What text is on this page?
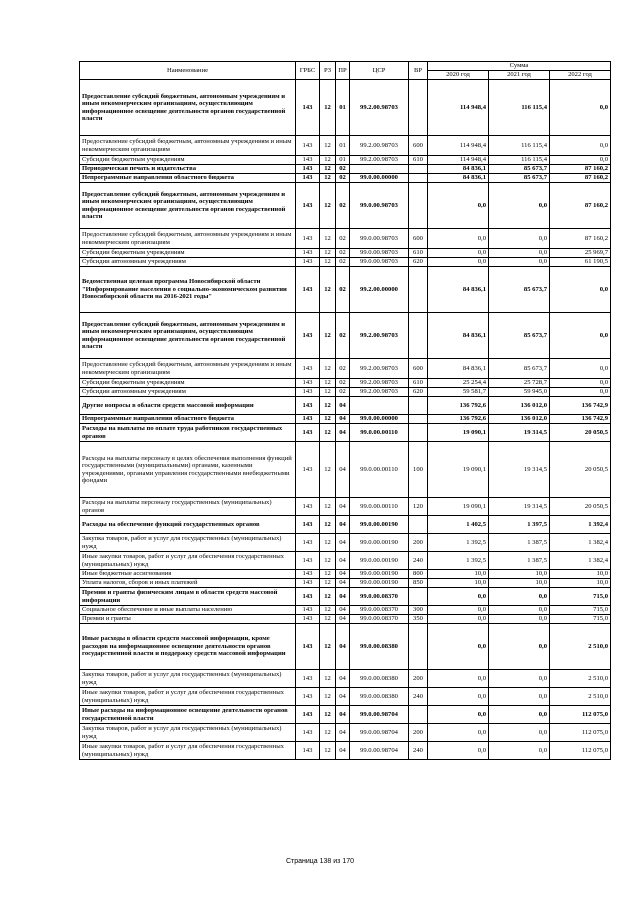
Наименование	ГРБС	РЗ	ПР	ЦСР	ВР	Сумма		
						2020 год	2021 год	2022 год
Предоставление субсидий бюджетным, автономным учреждениям и иным некоммерческим организациям, осуществляющим информационное освещение деятельности органов государственной власти	143	12	01	99.2.00.98703		114 948,4	116 115,4	0,0
Предоставление субсидий бюджетным, автономным учреждениям и иным некоммерческим организациям	143	12	01	99.2.00.98703	600	114 948,4	116 115,4	0,0
Субсидии бюджетным учреждениям	143	12	01	99.2.00.98703	610	114 948,4	116 115,4	0,0
Периодическая печать и издательства	143	12	02			84 836,1	85 673,7	87 160,2
Непрограммные направления областного бюджета	143	12	02	99.0.00.00000		84 836,1	85 673,7	87 160,2
Предоставление субсидий бюджетным, автономным учреждениям и иным некоммерческим организациям, осуществляющим информационное освещение деятельности органов государственной власти	143	12	02	99.0.00.98703		0,0	0,0	87 160,2
Предоставление субсидий бюджетным, автономным учреждениям и иным некоммерческим организациям	143	12	02	99.0.00.98703	600	0,0	0,0	87 160,2
Субсидии бюджетным учреждениям	143	12	02	99.0.00.98703	610	0,0	0,0	25 969,7
Субсидии автономным учреждениям	143	12	02	99.0.00.98703	620	0,0	0,0	61 190,5
Ведомственная целевая программа Новосибирской области "Информирование населения о социально-экономическом развитии Новосибирской области на 2016-2021 годы"	143	12	02	99.2.00.00000		84 836,1	85 673,7	0,0
Предоставление субсидий бюджетным, автономным учреждениям и иным некоммерческим организациям, осуществляющим информационное освещение деятельности органов государственной власти	143	12	02	99.2.00.98703		84 836,1	85 673,7	0,0
Предоставление субсидий бюджетным, автономным учреждениям и иным некоммерческим организациям	143	12	02	99.2.00.98703	600	84 836,1	85 673,7	0,0
Субсидии бюджетным учреждениям	143	12	02	99.2.00.98703	610	25 254,4	25 728,7	0,0
Субсидии автономным учреждениям	143	12	02	99.2.00.98703	620	59 581,7	59 945,0	0,0
Другие вопросы в области средств массовой информации	143	12	04			136 792,6	136 012,0	136 742,9
Непрограммные направления областного бюджета	143	12	04	99.0.00.00000		136 792,6	136 012,0	136 742,9
Расходы на выплаты по оплате труда работников государственных органов	143	12	04	99.0.00.00110		19 090,1	19 314,5	20 050,5
Расходы на выплаты персоналу в целях обеспечения выполнения функций государственными (муниципальными) органами, казенными учреждениями, органами управления государственными внебюджетными фондами	143	12	04	99.0.00.00110	100	19 090,1	19 314,5	20 050,5
Расходы на выплаты персоналу государственных (муниципальных) органов	143	12	04	99.0.00.00110	120	19 090,1	19 314,5	20 050,5
Расходы на обеспечение функций государственных органов	143	12	04	99.0.00.00190		1 402,5	1 397,5	1 392,4
Закупка товаров, работ и услуг для государственных (муниципальных) нужд	143	12	04	99.0.00.00190	200	1 392,5	1 387,5	1 382,4
Иные закупки товаров, работ и услуг для обеспечения государственных (муниципальных) нужд	143	12	04	99.0.00.00190	240	1 392,5	1 387,5	1 382,4
Иные бюджетные ассигнования	143	12	04	99.0.00.00190	800	10,0	10,0	10,0
Уплата налогов, сборов и иных платежей	143	12	04	99.0.00.00190	850	10,0	10,0	10,0
Премии и гранты физическим лицам в области средств массовой информации	143	12	04	99.0.00.08370		0,0	0,0	715,0
Социальное обеспечение и иные выплаты населению	143	12	04	99.0.00.08370	300	0,0	0,0	715,0
Премии и гранты	143	12	04	99.0.00.08370	350	0,0	0,0	715,0
Иные расходы в области средств массовой информации, кроме расходов на информационное освещение деятельности органов государственной власти и поддержку средств массовой информации	143	12	04	99.0.00.08380		0,0	0,0	2 510,0
Закупка товаров, работ и услуг для государственных (муниципальных) нужд	143	12	04	99.0.00.08380	200	0,0	0,0	2 510,0
Иные закупки товаров, работ и услуг для обеспечения государственных (муниципальных) нужд	143	12	04	99.0.00.08380	240	0,0	0,0	2 510,0
Иные расходы на информационное освещение деятельности органов государственной власти	143	12	04	99.0.00.98704		0,0	0,0	112 075,0
Закупка товаров, работ и услуг для государственных (муниципальных) нужд	143	12	04	99.0.00.98704	200	0,0	0,0	112 075,0
Иные закупки товаров, работ и услуг для обеспечения государственных (муниципальных) нужд	143	12	04	99.0.00.98704	240	0,0	0,0	112 075,0
Страница 138 из 170
